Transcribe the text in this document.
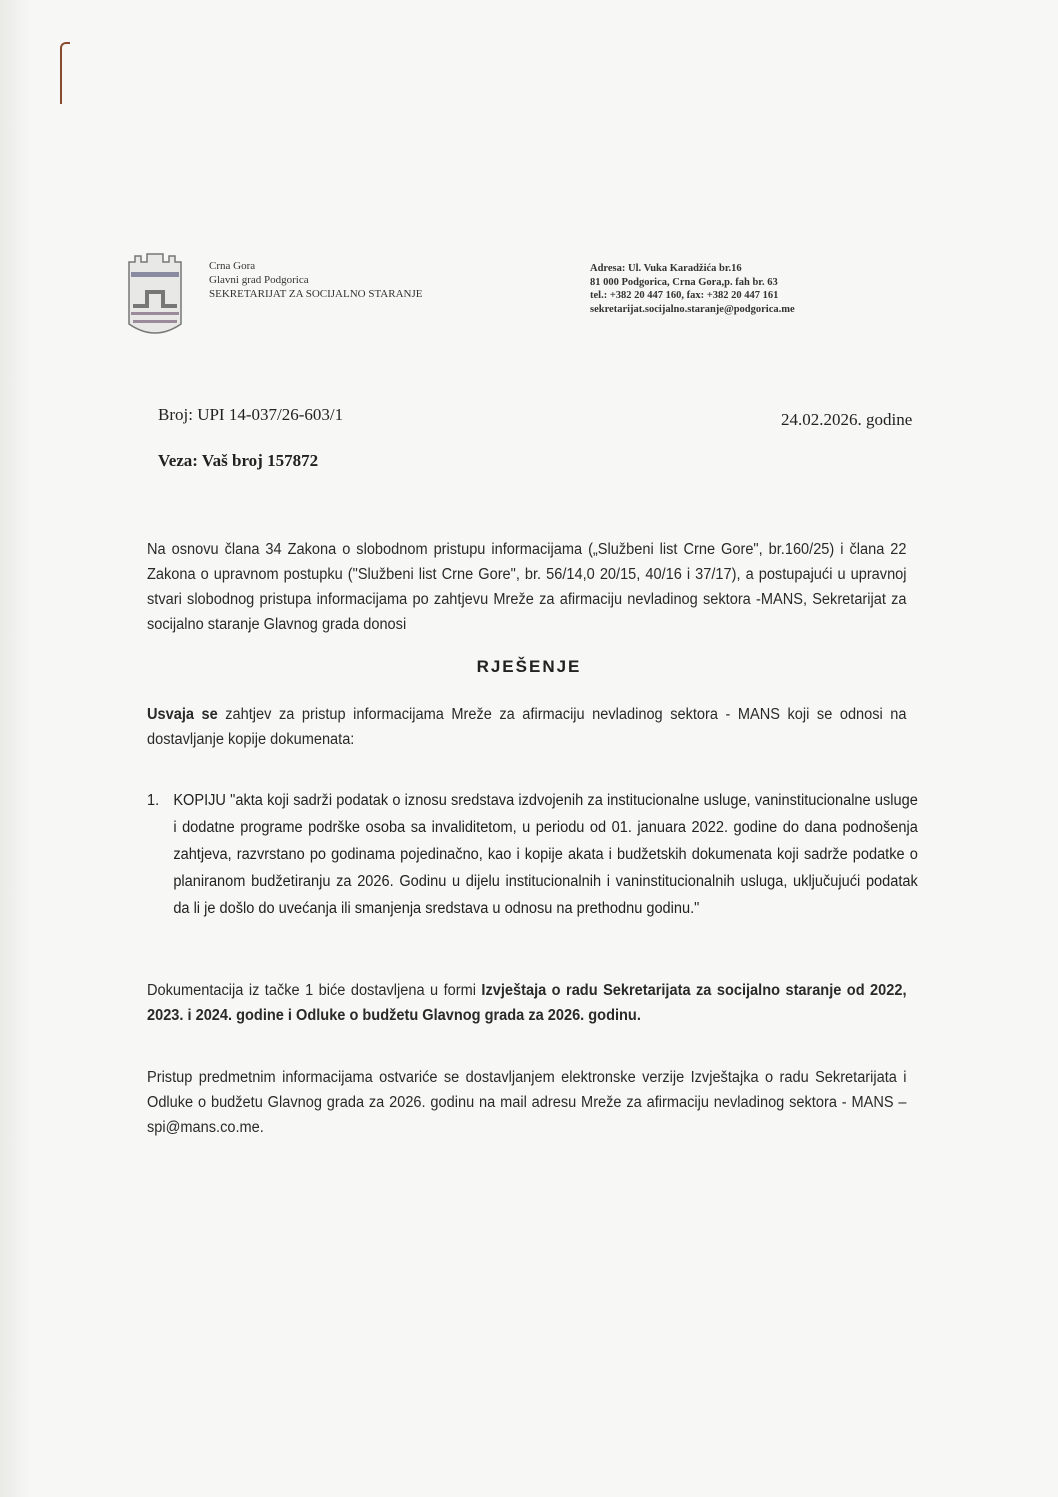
Crna Gora
Glavni grad Podgorica
SEKRETARIJAT ZA SOCIJALNO STARANJE
Adresa: Ul. Vuka Karadžića br.16
81 000 Podgorica, Crna Gora,p. fah br. 63
tel.: +382 20 447 160, fax: +382 20 447 161
sekretarijat.socijalno.staranje@podgorica.me
Broj: UPI 14-037/26-603/1	24.02.2026. godine
Veza: Vaš broj 157872
Na osnovu člana 34 Zakona o slobodnom pristupu informacijama („Službeni list Crne Gore", br.160/25) i člana 22 Zakona o upravnom postupku ("Službeni list Crne Gore", br. 56/14,0 20/15, 40/16 i 37/17), a postupajući u upravnoj stvari slobodnog pristupa informacijama po zahtjevu Mreže za afirmaciju nevladinog sektora -MANS, Sekretarijat za socijalno staranje Glavnog grada donosi
RJEŠENJE
Usvaja se zahtjev za pristup informacijama Mreže za afirmaciju nevladinog sektora - MANS koji se odnosi na dostavljanje kopije dokumenata:
1. KOPIJU "akta koji sadrži podatak o iznosu sredstava izdvojenih za institucionalne usluge, vaninstitucionalne usluge i dodatne programe podrške osoba sa invaliditetom, u periodu od 01. januara 2022. godine do dana podnošenja zahtjeva, razvrstano po godinama pojedinačno, kao i kopije akata i budžetskih dokumenata koji sadrže podatke o planiranom budžetiranju za 2026. Godinu u dijelu institucionalnih i vaninstitucionalnih usluga, uključujući podatak da li je došlo do uvećanja ili smanjenja sredstava u odnosu na prethodnu godinu."
Dokumentacija iz tačke 1 biće dostavljena u formi Izvještaja o radu Sekretarijata za socijalno staranje od 2022, 2023. i 2024. godine i Odluke o budžetu Glavnog grada za 2026. godinu.
Pristup predmetnim informacijama ostvariće se dostavljanjem elektronske verzije Izvještajka o radu Sekretarijata i Odluke o budžetu Glavnog grada za 2026. godinu na mail adresu Mreže za afirmaciju nevladinog sektora - MANS – spi@mans.co.me.
